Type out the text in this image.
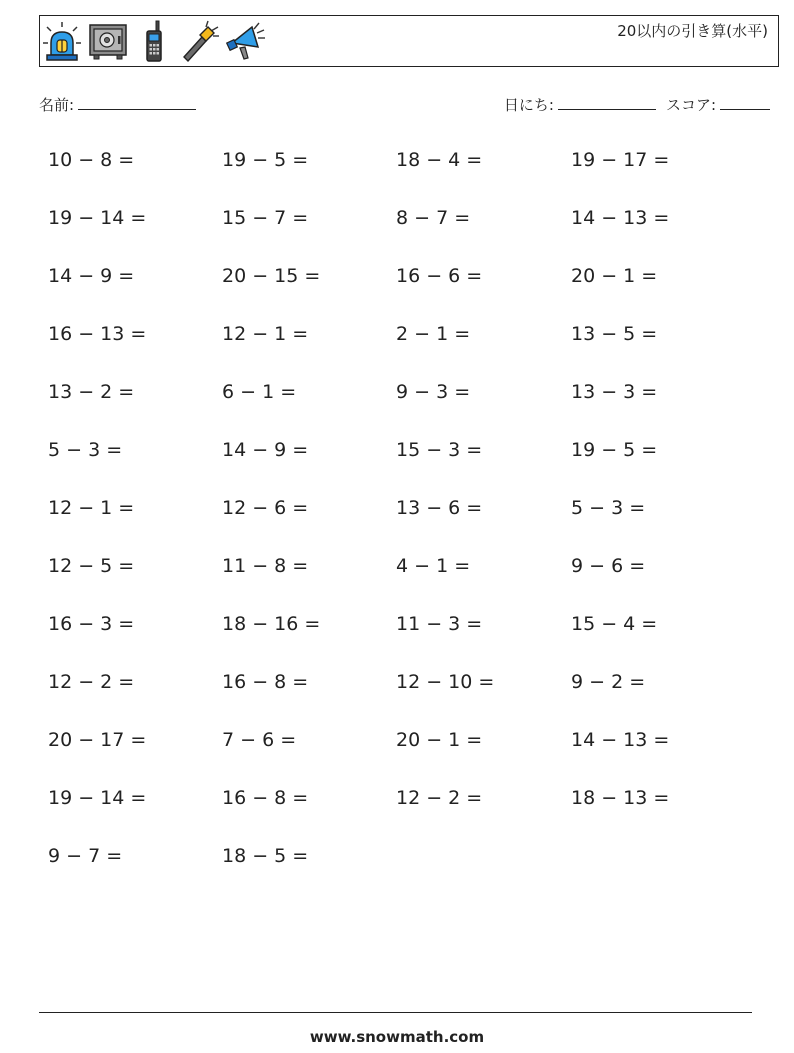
20以内の引き算(水平)
名前:	日にち:	スコア:
10 − 8 =	19 − 5 =	18 − 4 =	19 − 17 =
19 − 14 =	15 − 7 =	8 − 7 =	14 − 13 =
14 − 9 =	20 − 15 =	16 − 6 =	20 − 1 =
16 − 13 =	12 − 1 =	2 − 1 =	13 − 5 =
13 − 2 =	6 − 1 =	9 − 3 =	13 − 3 =
5 − 3 =	14 − 9 =	15 − 3 =	19 − 5 =
12 − 1 =	12 − 6 =	13 − 6 =	5 − 3 =
12 − 5 =	11 − 8 =	4 − 1 =	9 − 6 =
16 − 3 =	18 − 16 =	11 − 3 =	15 − 4 =
12 − 2 =	16 − 8 =	12 − 10 =	9 − 2 =
20 − 17 =	7 − 6 =	20 − 1 =	14 − 13 =
19 − 14 =	16 − 8 =	12 − 2 =	18 − 13 =
9 − 7 =	18 − 5 =
www.snowmath.com
